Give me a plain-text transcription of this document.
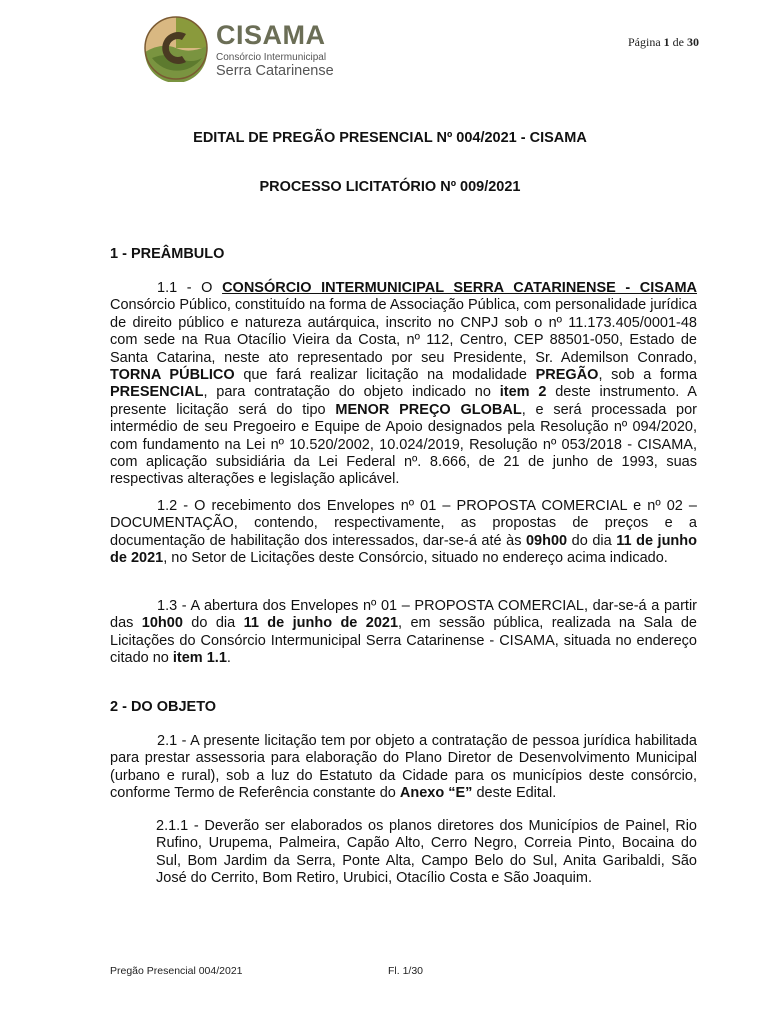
CISAMA
Consórcio Intermunicipal
Serra Catarinense
Página 1 de 30
EDITAL DE PREGÃO PRESENCIAL Nº 004/2021 - CISAMA
PROCESSO LICITATÓRIO Nº 009/2021
1 - PREÂMBULO
1.1 - O CONSÓRCIO INTERMUNICIPAL SERRA CATARINENSE - CISAMA Consórcio Público, constituído na forma de Associação Pública, com personalidade jurídica de direito público e natureza autárquica, inscrito no CNPJ sob o nº 11.173.405/0001-48 com sede na Rua Otacílio Vieira da Costa, nº 112, Centro, CEP 88501-050, Estado de Santa Catarina, neste ato representado por seu Presidente, Sr. Ademilson Conrado, TORNA PÚBLICO que fará realizar licitação na modalidade PREGÃO, sob a forma PRESENCIAL, para contratação do objeto indicado no item 2 deste instrumento. A presente licitação será do tipo MENOR PREÇO GLOBAL, e será processada por intermédio de seu Pregoeiro e Equipe de Apoio designados pela Resolução nº 094/2020, com fundamento na Lei nº 10.520/2002, 10.024/2019, Resolução nº 053/2018 - CISAMA, com aplicação subsidiária da Lei Federal nº. 8.666, de 21 de junho de 1993, suas respectivas alterações e legislação aplicável.
1.2 - O recebimento dos Envelopes nº 01 – PROPOSTA COMERCIAL e nº 02 – DOCUMENTAÇÃO, contendo, respectivamente, as propostas de preços e a documentação de habilitação dos interessados, dar-se-á até às 09h00 do dia 11 de junho de 2021, no Setor de Licitações deste Consórcio, situado no endereço acima indicado.
1.3 - A abertura dos Envelopes nº 01 – PROPOSTA COMERCIAL, dar-se-á a partir das 10h00 do dia 11 de junho de 2021, em sessão pública, realizada na Sala de Licitações do Consórcio Intermunicipal Serra Catarinense - CISAMA, situada no endereço citado no item 1.1.
2 - DO OBJETO
2.1 - A presente licitação tem por objeto a contratação de pessoa jurídica habilitada para prestar assessoria para elaboração do Plano Diretor de Desenvolvimento Municipal (urbano e rural), sob a luz do Estatuto da Cidade para os municípios deste consórcio, conforme Termo de Referência constante do Anexo “E” deste Edital.
2.1.1 - Deverão ser elaborados os planos diretores dos Municípios de Painel, Rio Rufino, Urupema, Palmeira, Capão Alto, Cerro Negro, Correia Pinto, Bocaina do Sul, Bom Jardim da Serra, Ponte Alta, Campo Belo do Sul, Anita Garibaldi, São José do Cerrito, Bom Retiro, Urubici, Otacílio Costa e São Joaquim.
Pregão Presencial 004/2021	Fl. 1/30
